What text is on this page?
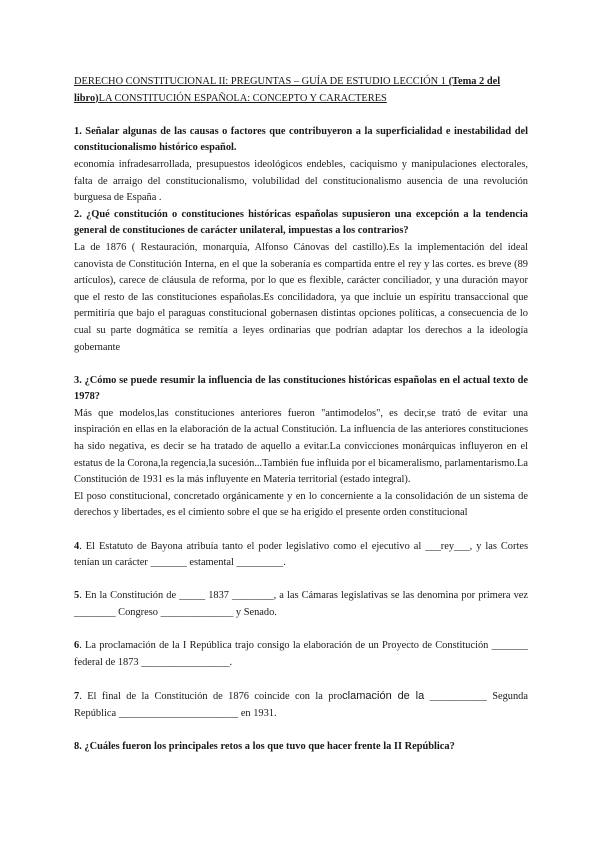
DERECHO CONSTITUCIONAL II: PREGUNTAS – GUÍA DE ESTUDIO LECCIÓN 1 (Tema 2 del libro)LA CONSTITUCIÓN ESPAÑOLA: CONCEPTO Y CARACTERES

1. Señalar algunas de las causas o factores que contribuyeron a la superficialidad e inestabilidad del constitucionalismo histórico español.

economía infradesarrollada, presupuestos ideológicos endebles, caciquismo y manipulaciones electorales, falta de arraigo del constitucionalismo, volubilidad del constitucionalismo ausencia de una revolución burguesa de España .

2. ¿Qué constitución o constituciones históricas españolas supusieron una excepción a la tendencia general de constituciones de carácter unilateral, impuestas a los contrarios?

La de 1876 ( Restauración, monarquía, Alfonso Cánovas del castillo).Es la implementación del ideal canovista de Constitución Interna, en el que la soberanía es compartida entre el rey y las cortes. es breve (89 artículos), carece de cláusula de reforma, por lo que es flexible, carácter conciliador, y una duración mayor que el resto de las constituciones españolas.Es concilidadora, ya que incluie un espíritu transaccional que permitiría que bajo el paraguas constitucional gobernasen distintas opciones políticas, a consecuencia de lo cual su parte dogmática se remitía a leyes ordinarias que podrían adaptar los derechos a la ideología gobernante

3. ¿Cómo se puede resumir la influencia de las constituciones históricas españolas en el actual texto de 1978?

Más que modelos,las constituciones anteriores fueron "antimodelos", es decir,se trató de evitar una inspiración en ellas en la elaboración de la actual Constitución. La influencia de las anteriores constituciones ha sido negativa, es decir se ha tratado de aquello a evitar.La convicciones monárquicas influyeron en el estatus de la Corona,la regencia,la sucesión...También fue influida por el bicameralismo, parlamentarismo.La Constitución de 1931 es la más influyente en Materia territorial (estado integral).

El poso constitucional, concretado orgánicamente y en lo concerniente a la consolidación de un sistema de derechos y libertades, es el cimiento sobre el que se ha erigido el presente orden constitucional

4. El Estatuto de Bayona atribuía tanto el poder legislativo como el ejecutivo al ___rey___, y las Cortes tenían un carácter _______ estamental _________.

5. En la Constitución de _____ 1837 ________, a las Cámaras legislativas se las denomina por primera vez ________ Congreso ______________ y Senado.

6. La proclamación de la I República trajo consigo la elaboración de un Proyecto de Constitución _______ federal de 1873 _________________.

7. El final de la Constitución de 1876 coincide con la proclamación de la ___________ Segunda República _______________________ en 1931.

8. ¿Cuáles fueron los principales retos a los que tuvo que hacer frente la II República?
